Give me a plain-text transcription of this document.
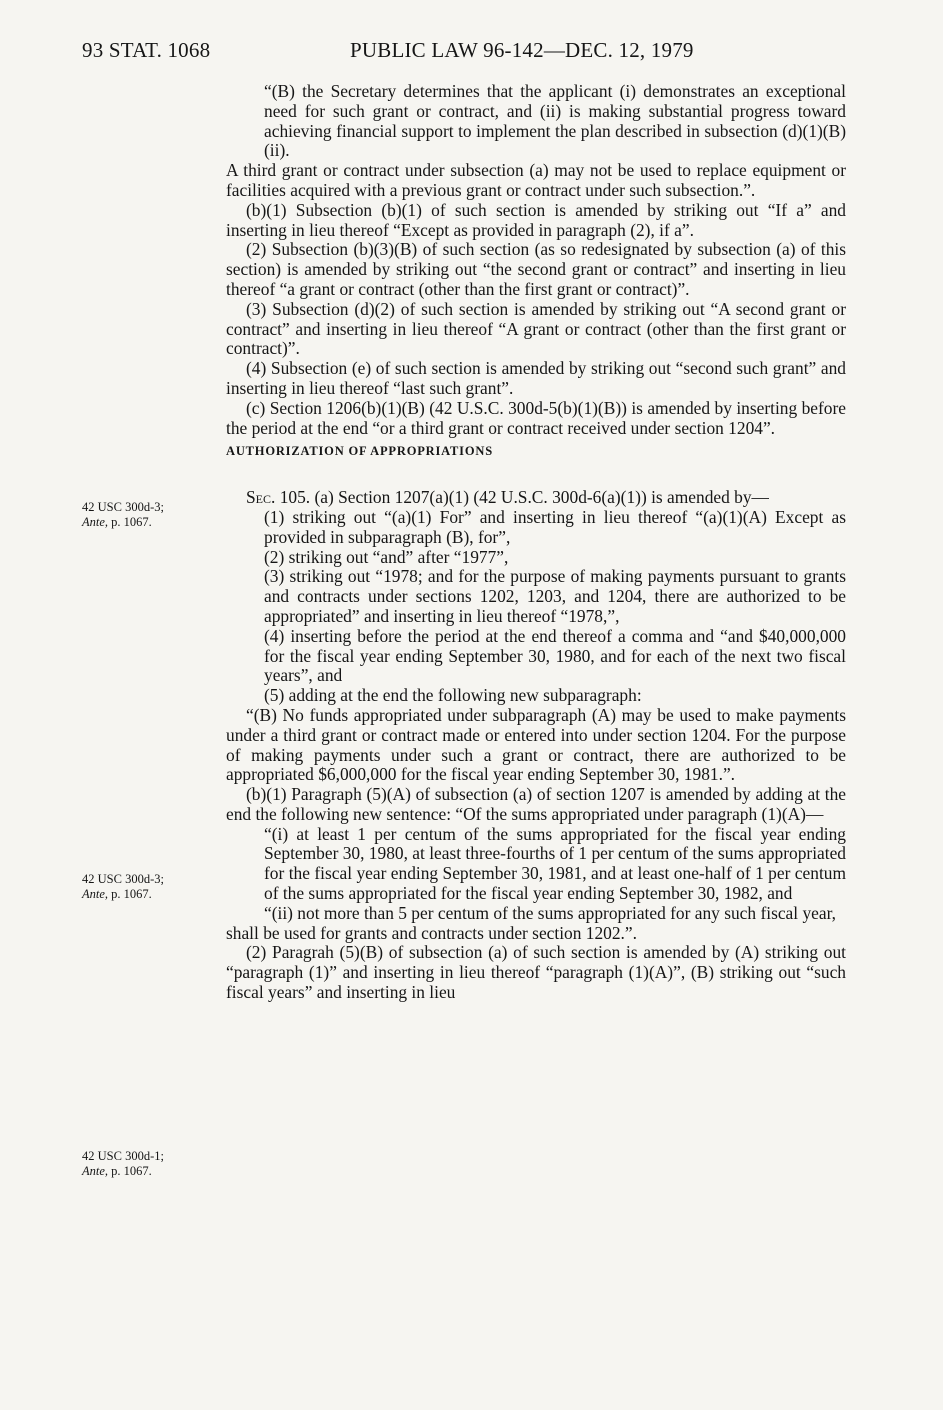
93 STAT. 1068	PUBLIC LAW 96-142—DEC. 12, 1979
42 USC 300d-3;
Ante, p. 1067.
42 USC 300d-3;
Ante, p. 1067.
42 USC 300d-1;
Ante, p. 1067.

“(B) the Secretary determines that the applicant (i) demonstrates an exceptional need for such grant or contract, and (ii) is making substantial progress toward achieving financial support to implement the plan described in subsection (d)(1)(B)(ii).

A third grant or contract under subsection (a) may not be used to replace equipment or facilities acquired with a previous grant or contract under such subsection.”.

(b)(1) Subsection (b)(1) of such section is amended by striking out “If a” and inserting in lieu thereof “Except as provided in paragraph (2), if a”.

(2) Subsection (b)(3)(B) of such section (as so redesignated by subsection (a) of this section) is amended by striking out “the second grant or contract” and inserting in lieu thereof “a grant or contract (other than the first grant or contract)”.

(3) Subsection (d)(2) of such section is amended by striking out “A second grant or contract” and inserting in lieu thereof “A grant or contract (other than the first grant or contract)”.

(4) Subsection (e) of such section is amended by striking out “second such grant” and inserting in lieu thereof “last such grant”.

(c) Section 1206(b)(1)(B) (42 U.S.C. 300d-5(b)(1)(B)) is amended by inserting before the period at the end “or a third grant or contract received under section 1204”.

AUTHORIZATION OF APPROPRIATIONS

Sec. 105. (a) Section 1207(a)(1) (42 U.S.C. 300d-6(a)(1)) is amended by—

(1) striking out “(a)(1) For” and inserting in lieu thereof “(a)(1)(A) Except as provided in subparagraph (B), for”,

(2) striking out “and” after “1977”,

(3) striking out “1978; and for the purpose of making payments pursuant to grants and contracts under sections 1202, 1203, and 1204, there are authorized to be appropriated” and inserting in lieu thereof “1978,”,

(4) inserting before the period at the end thereof a comma and “and $40,000,000 for the fiscal year ending September 30, 1980, and for each of the next two fiscal years”, and

(5) adding at the end the following new subparagraph:

“(B) No funds appropriated under subparagraph (A) may be used to make payments under a third grant or contract made or entered into under section 1204. For the purpose of making payments under such a grant or contract, there are authorized to be appropriated $6,000,000 for the fiscal year ending September 30, 1981.”.

(b)(1) Paragraph (5)(A) of subsection (a) of section 1207 is amended by adding at the end the following new sentence: “Of the sums appropriated under paragraph (1)(A)—

“(i) at least 1 per centum of the sums appropriated for the fiscal year ending September 30, 1980, at least three-fourths of 1 per centum of the sums appropriated for the fiscal year ending September 30, 1981, and at least one-half of 1 per centum of the sums appropriated for the fiscal year ending September 30, 1982, and

“(ii) not more than 5 per centum of the sums appropriated for any such fiscal year,

shall be used for grants and contracts under section 1202.”.

(2) Paragrah (5)(B) of subsection (a) of such section is amended by (A) striking out “paragraph (1)” and inserting in lieu thereof “paragraph (1)(A)”, (B) striking out “such fiscal years” and inserting in lieu
